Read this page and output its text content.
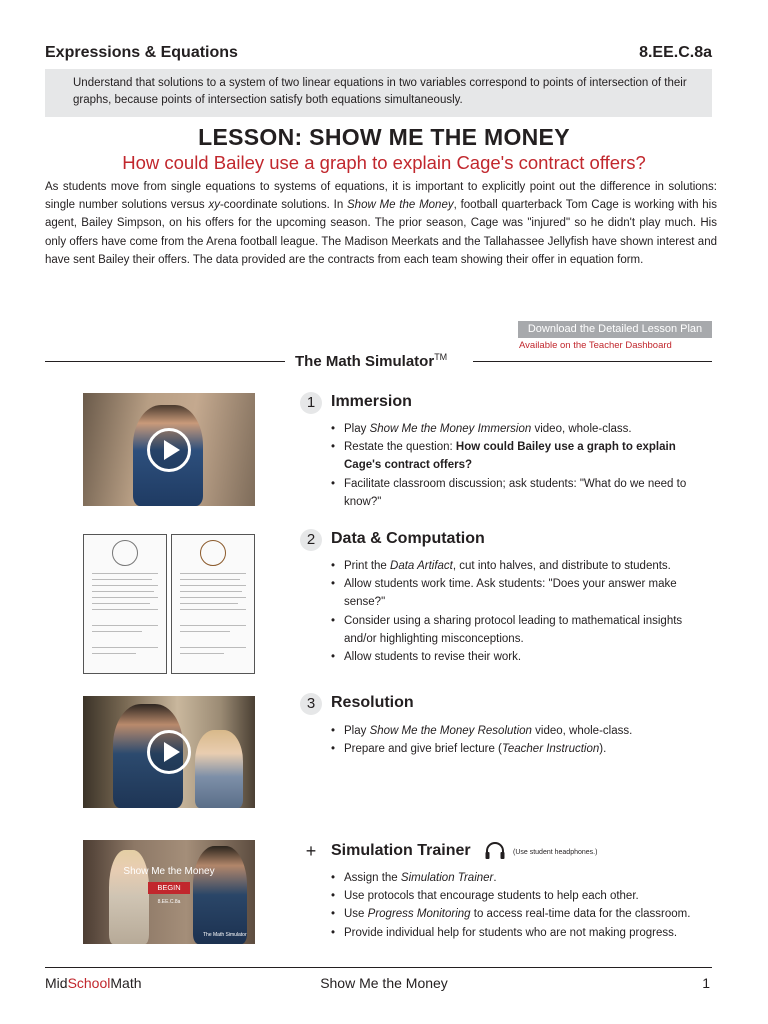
Expressions & Equations	8.EE.C.8a
Understand that solutions to a system of two linear equations in two variables correspond to points of intersection of their graphs, because points of intersection satisfy both equations simultaneously.
LESSON: SHOW ME THE MONEY
How could Bailey use a graph to explain Cage's contract offers?
As students move from single equations to systems of equations, it is important to explicitly point out the difference in solutions: single number solutions versus xy-coordinate solutions. In Show Me the Money, football quarterback Tom Cage is working with his agent, Bailey Simpson, on his offers for the upcoming season. The prior season, Cage was "injured" so he didn't play much. His only offers have come from the Arena football league. The Madison Meerkats and the Tallahassee Jellyfish have shown interest and have sent Bailey their offers. The data provided are the contracts from each team showing their offer in equation form.
Download the Detailed Lesson Plan
Available on the Teacher Dashboard
The Math Simulator™
1 Immersion
• Play Show Me the Money Immersion video, whole-class.
• Restate the question: How could Bailey use a graph to explain Cage's contract offers?
• Facilitate classroom discussion; ask students: "What do we need to know?"
2 Data & Computation
• Print the Data Artifact, cut into halves, and distribute to students.
• Allow students work time. Ask students: "Does your answer make sense?"
• Consider using a sharing protocol leading to mathematical insights and/or highlighting misconceptions.
• Allow students to revise their work.
3 Resolution
• Play Show Me the Money Resolution video, whole-class.
• Prepare and give brief lecture (Teacher Instruction).
Show Me the Money
BEGIN
8.EE.C.8a
The Math Simulator
+ Simulation Trainer	(Use student headphones.)
• Assign the Simulation Trainer.
• Use protocols that encourage students to help each other.
• Use Progress Monitoring to access real-time data for the classroom.
• Provide individual help for students who are not making progress.
MidSchoolMath	Show Me the Money	1
